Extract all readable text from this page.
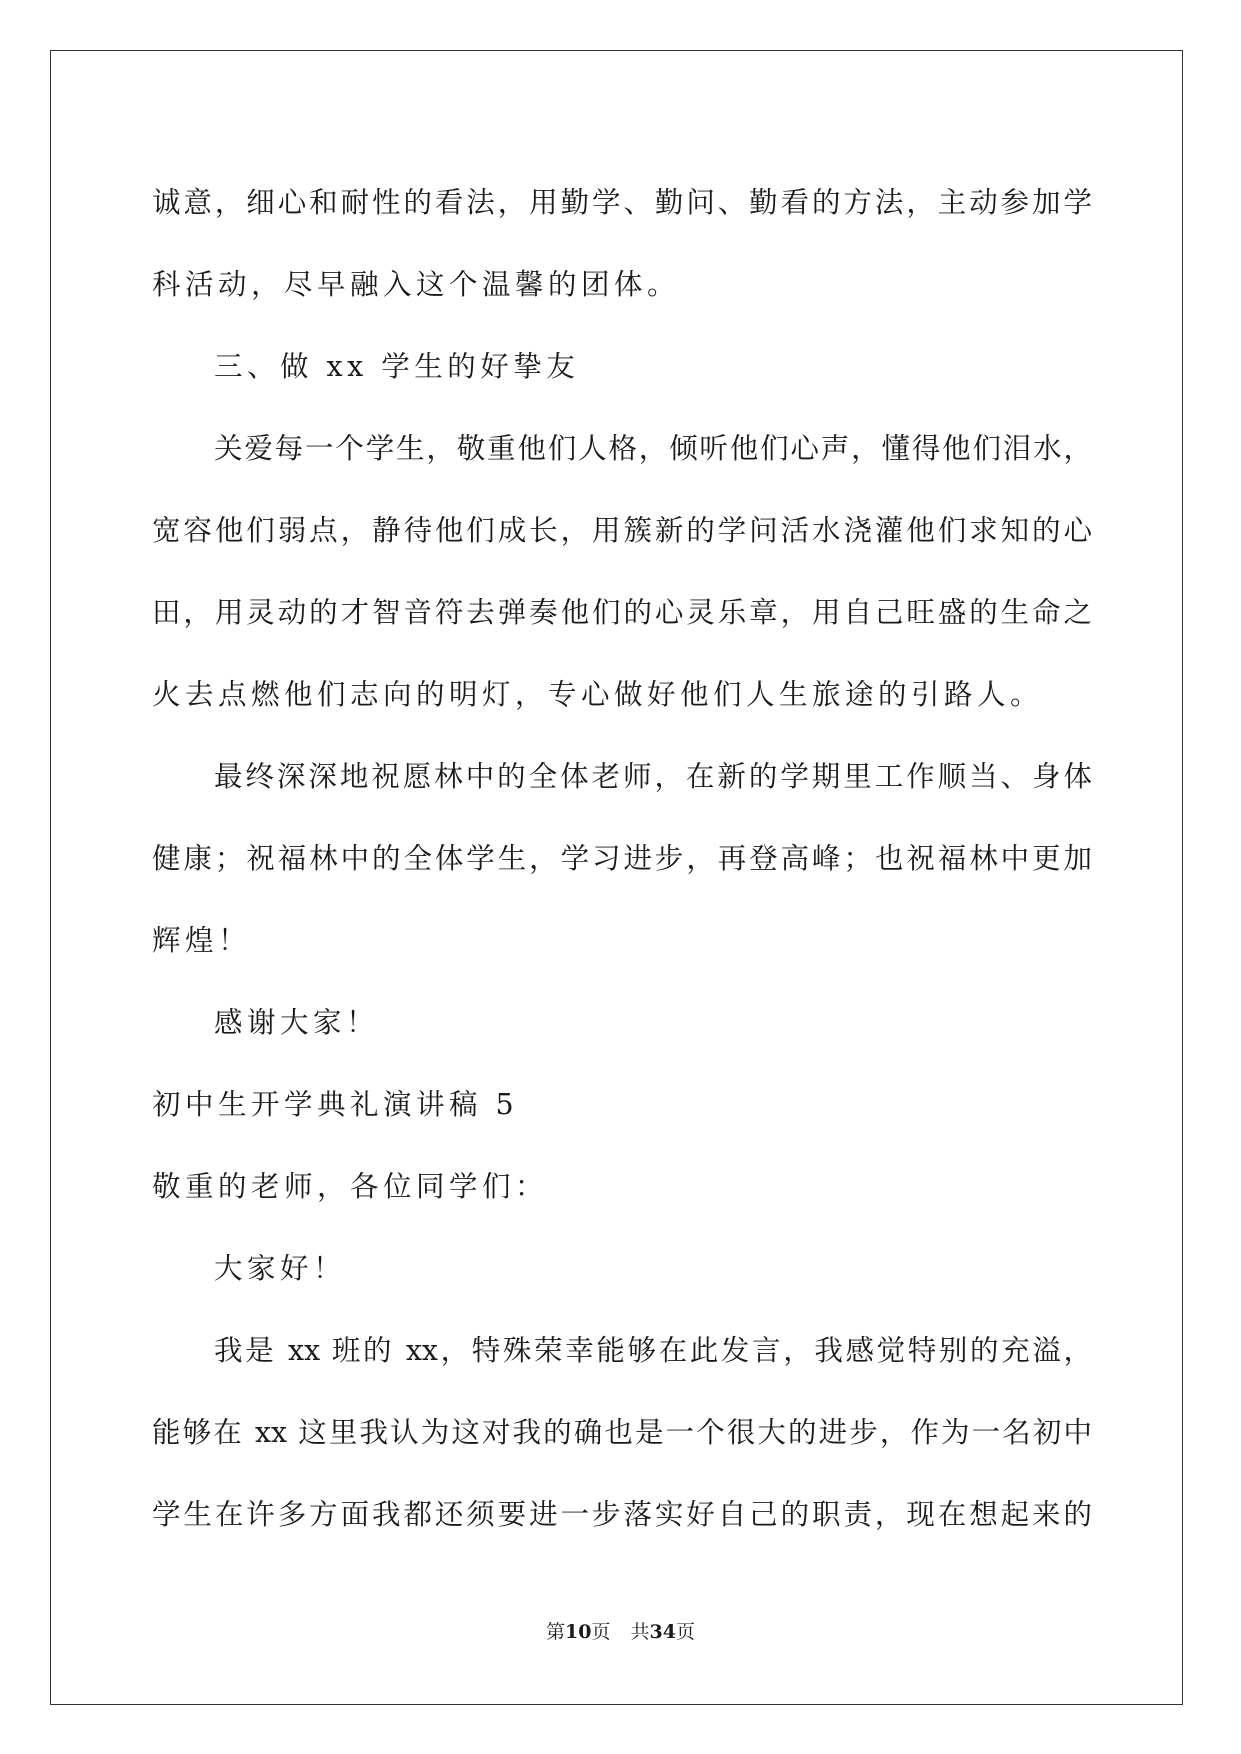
诚意，细心和耐性的看法，用勤学、勤问、勤看的方法，主动参加学
科活动，尽早融入这个温馨的团体。
三、做 xx 学生的好挚友
关爱每一个学生，敬重他们人格，倾听他们心声，懂得他们泪水，
宽容他们弱点，静待他们成长，用簇新的学问活水浇灌他们求知的心
田，用灵动的才智音符去弹奏他们的心灵乐章，用自己旺盛的生命之
火去点燃他们志向的明灯，专心做好他们人生旅途的引路人。
最终深深地祝愿林中的全体老师，在新的学期里工作顺当、身体
健康；祝福林中的全体学生，学习进步，再登高峰；也祝福林中更加
辉煌！
感谢大家！
初中生开学典礼演讲稿 5
敬重的老师，各位同学们：
大家好！
我是 xx 班的 xx，特殊荣幸能够在此发言，我感觉特别的充溢，
能够在 xx 这里我认为这对我的确也是一个很大的进步，作为一名初中
学生在许多方面我都还须要进一步落实好自己的职责，现在想起来的
第10页 共34页
